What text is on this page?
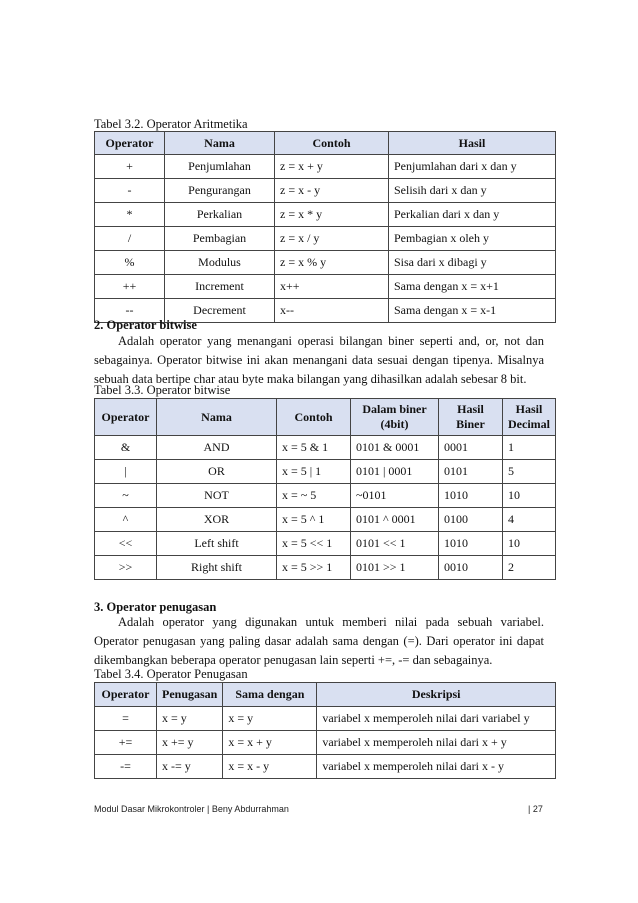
Tabel 3.2. Operator Aritmetika
Operator	Nama	Contoh	Hasil
+	Penjumlahan	z = x + y	Penjumlahan dari x dan y
-	Pengurangan	z = x - y	Selisih dari x dan y
*	Perkalian	z = x * y	Perkalian dari x dan y
/	Pembagian	z = x / y	Pembagian x oleh y
%	Modulus	z = x % y	Sisa dari x dibagi y
++	Increment	x++	Sama dengan x = x+1
--	Decrement	x--	Sama dengan x = x-1
2. Operator bitwise

Adalah operator yang menangani operasi bilangan biner seperti and, or, not dan sebagainya. Operator bitwise ini akan menangani data sesuai dengan tipenya. Misalnya sebuah data bertipe char atau byte maka bilangan yang dihasilkan adalah sebesar 8 bit.

Tabel 3.3. Operator bitwise
Operator	Nama	Contoh	Dalam biner (4bit)	Hasil Biner	Hasil Decimal
&	AND	x = 5 & 1	0101 & 0001	0001	1
|	OR	x = 5 | 1	0101 | 0001	0101	5
~	NOT	x = ~ 5	~0101	1010	10
^	XOR	x = 5 ^ 1	0101 ^ 0001	0100	4
<<	Left shift	x = 5 << 1	0101 << 1	1010	10
>>	Right shift	x = 5 >> 1	0101 >> 1	0010	2
3. Operator penugasan

Adalah operator yang digunakan untuk memberi nilai pada sebuah variabel. Operator penugasan yang paling dasar adalah sama dengan (=). Dari operator ini dapat dikembangkan beberapa operator penugasan lain seperti +=, -= dan sebagainya.

Tabel 3.4. Operator Penugasan
Operator	Penugasan	Sama dengan	Deskripsi
=	x = y	x = y	variabel x memperoleh nilai dari variabel y
+=	x += y	x = x + y	variabel x memperoleh nilai dari x + y
-=	x -= y	x = x - y	variabel x memperoleh nilai dari x - y
Modul Dasar Mikrokontroler | Beny Abdurrahman	| 27
